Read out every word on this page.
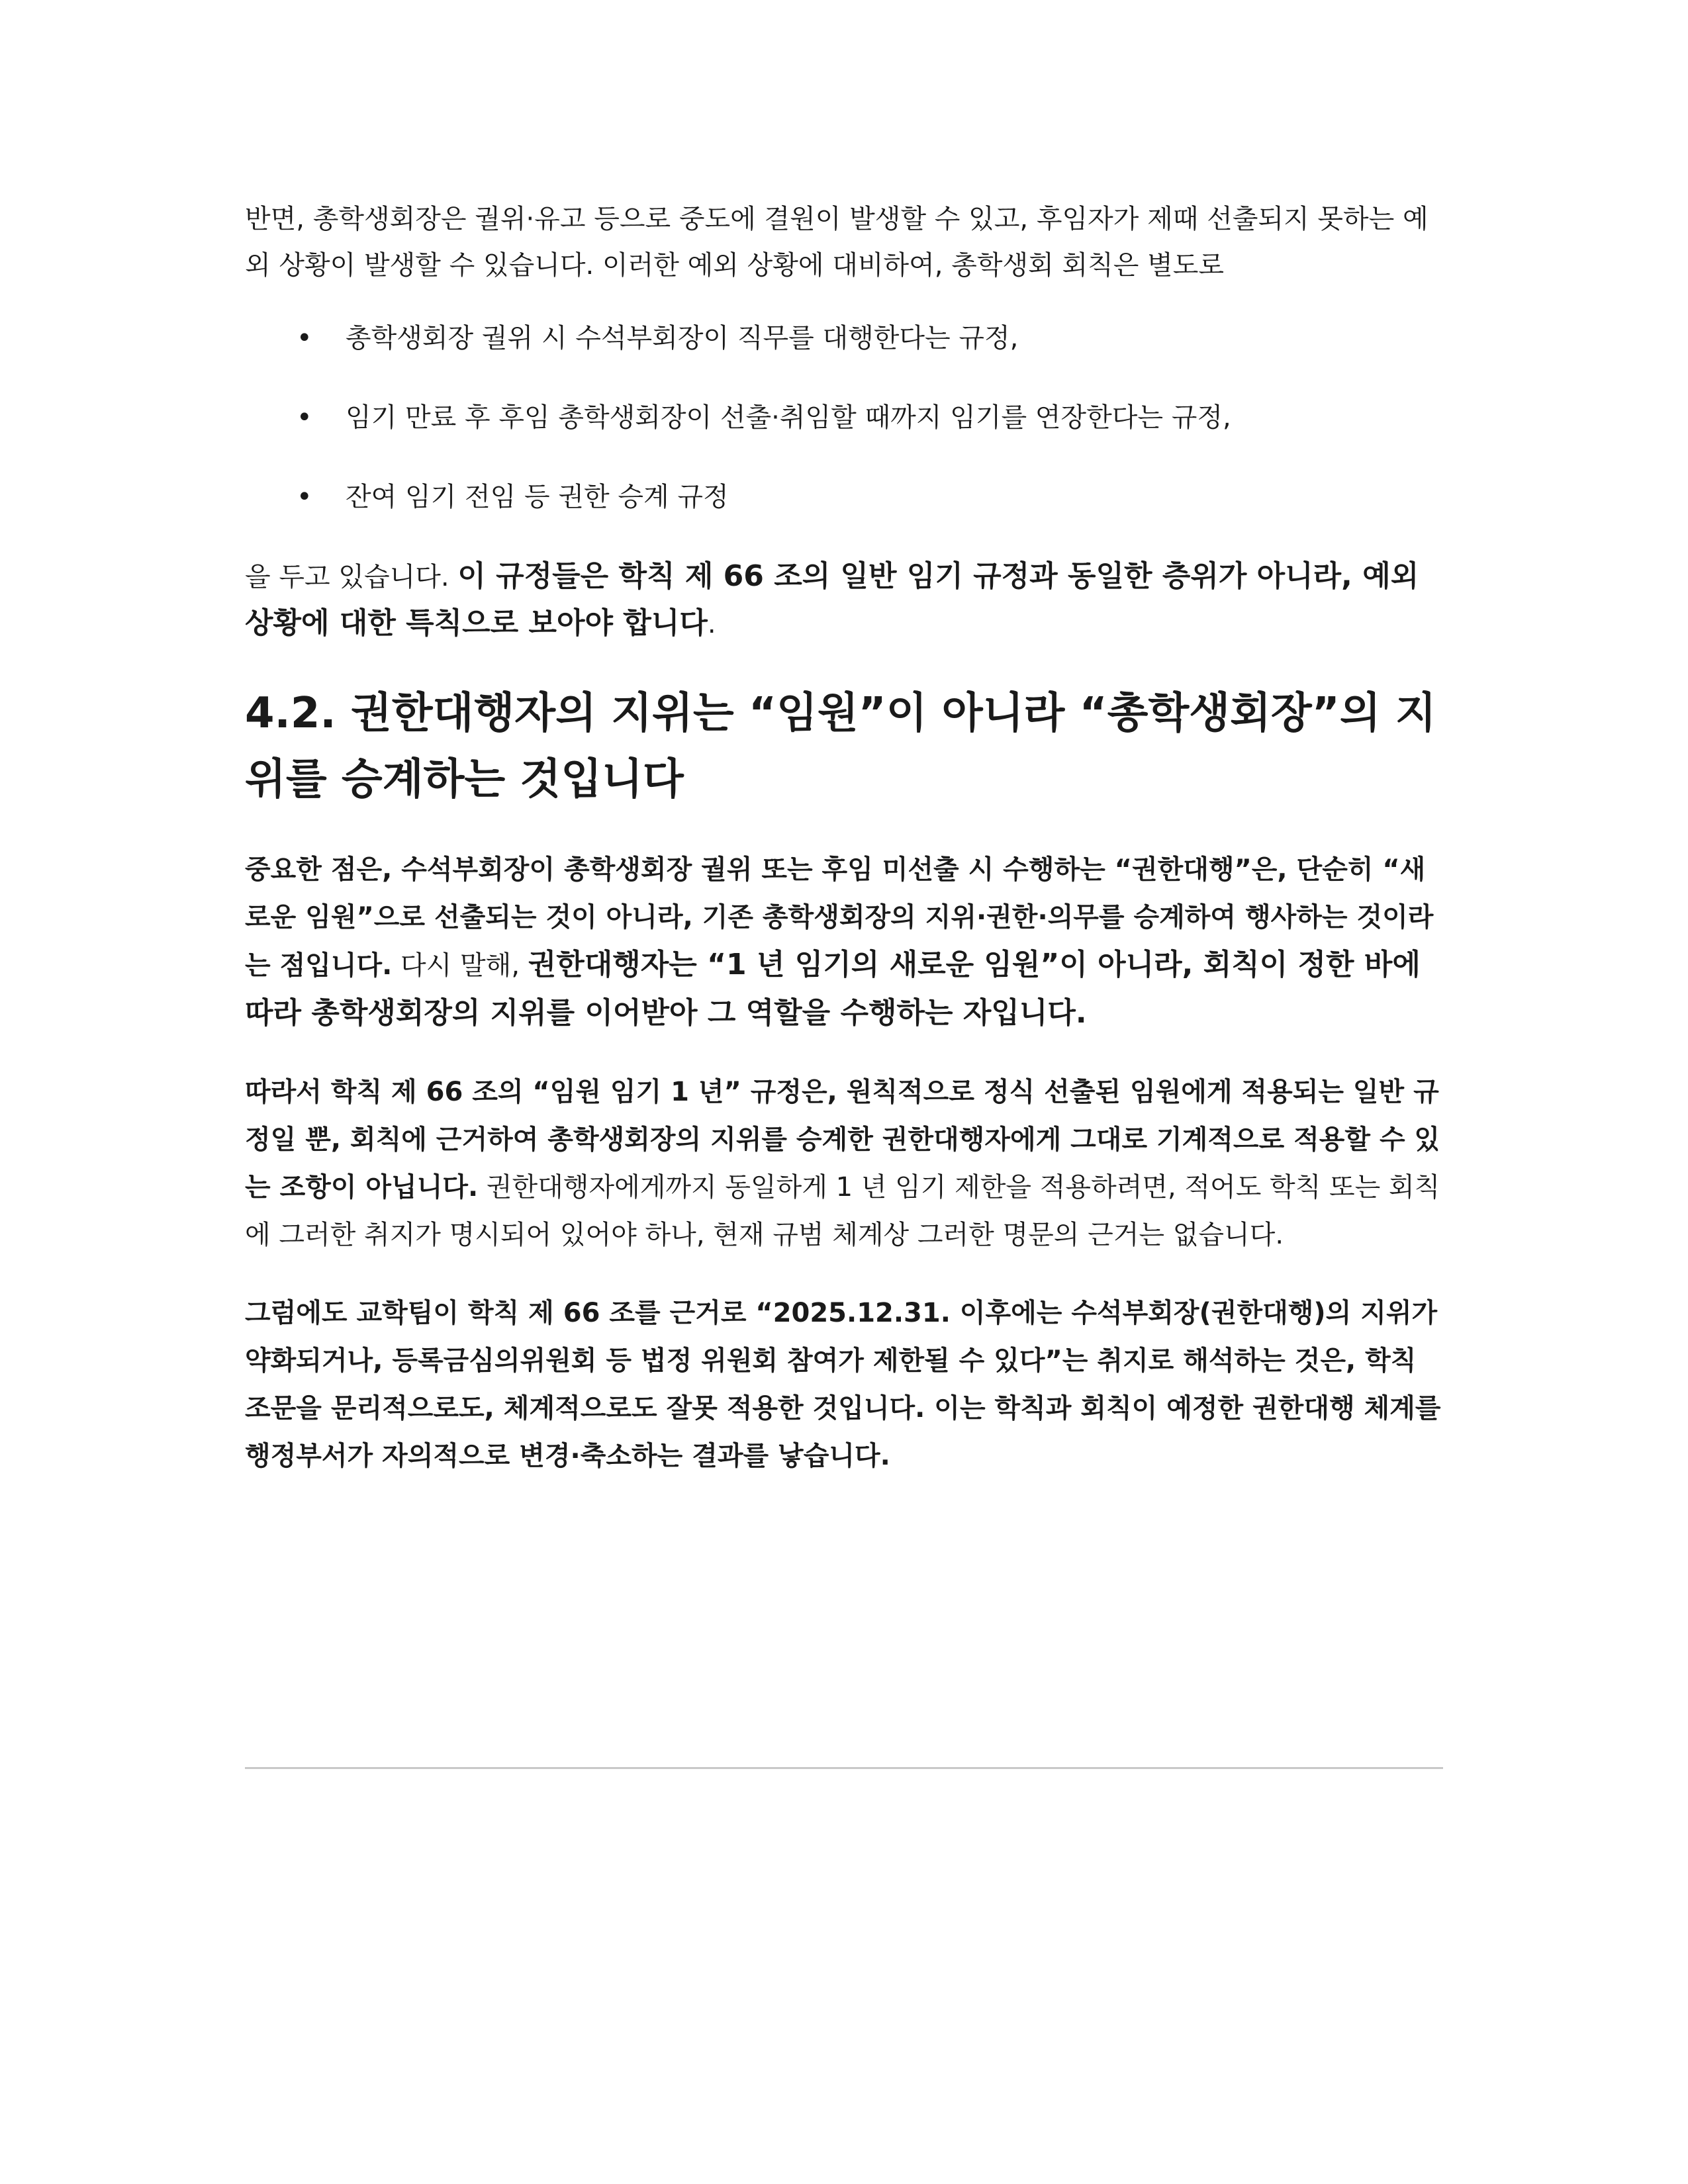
반면, 총학생회장은 궐위·유고 등으로 중도에 결원이 발생할 수 있고, 후임자가 제때 선출되지 못하는 예외 상황이 발생할 수 있습니다. 이러한 예외 상황에 대비하여, 총학생회 회칙은 별도로

• 총학생회장 궐위 시 수석부회장이 직무를 대행한다는 규정,
• 임기 만료 후 후임 총학생회장이 선출·취임할 때까지 임기를 연장한다는 규정,
• 잔여 임기 전임 등 권한 승계 규정

을 두고 있습니다. 이 규정들은 학칙 제 66 조의 일반 임기 규정과 동일한 층위가 아니라, 예외 상황에 대한 특칙으로 보아야 합니다.

4.2. 권한대행자의 지위는 “임원”이 아니라 “총학생회장”의 지위를 승계하는 것입니다

중요한 점은, 수석부회장이 총학생회장 궐위 또는 후임 미선출 시 수행하는 “권한대행”은, 단순히 “새로운 임원”으로 선출되는 것이 아니라, 기존 총학생회장의 지위·권한·의무를 승계하여 행사하는 것이라는 점입니다. 다시 말해, 권한대행자는 “1 년 임기의 새로운 임원”이 아니라, 회칙이 정한 바에 따라 총학생회장의 지위를 이어받아 그 역할을 수행하는 자입니다.

따라서 학칙 제 66 조의 “임원 임기 1 년” 규정은, 원칙적으로 정식 선출된 임원에게 적용되는 일반 규정일 뿐, 회칙에 근거하여 총학생회장의 지위를 승계한 권한대행자에게 그대로 기계적으로 적용할 수 있는 조항이 아닙니다. 권한대행자에게까지 동일하게 1 년 임기 제한을 적용하려면, 적어도 학칙 또는 회칙에 그러한 취지가 명시되어 있어야 하나, 현재 규범 체계상 그러한 명문의 근거는 없습니다.

그럼에도 교학팀이 학칙 제 66 조를 근거로 “2025.12.31. 이후에는 수석부회장(권한대행)의 지위가 약화되거나, 등록금심의위원회 등 법정 위원회 참여가 제한될 수 있다”는 취지로 해석하는 것은, 학칙 조문을 문리적으로도, 체계적으로도 잘못 적용한 것입니다. 이는 학칙과 회칙이 예정한 권한대행 체계를 행정부서가 자의적으로 변경·축소하는 결과를 낳습니다.
